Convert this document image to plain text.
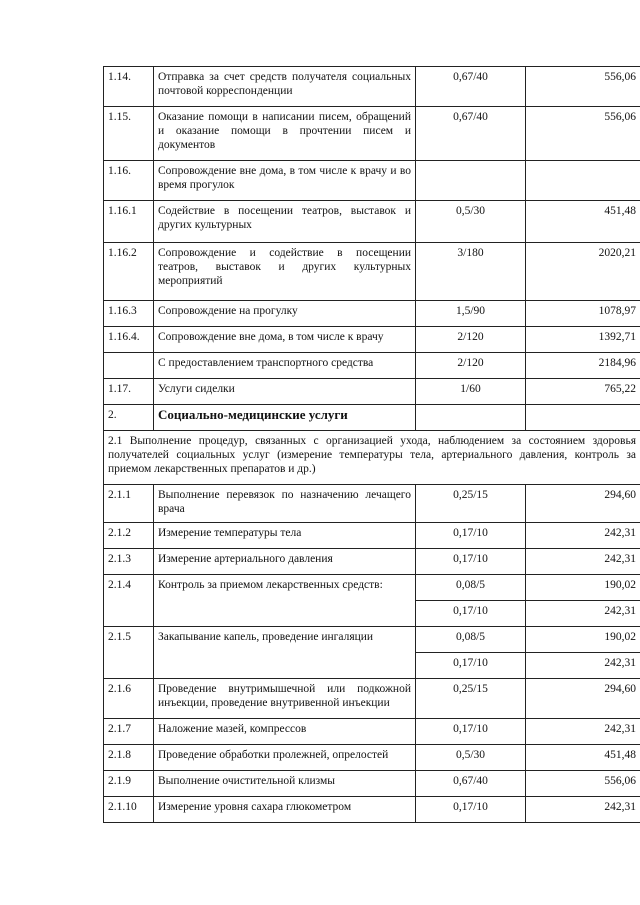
1.14.	Отправка за счет средств получателя социальных почтовой корреспонденции	0,67/40	556,06
1.15.	Оказание помощи в написании писем, обращений и оказание помощи в прочтении писем и документов	0,67/40	556,06
1.16.	Сопровождение вне дома, в том числе к врачу и во время прогулок		
1.16.1	Содействие в посещении театров, выставок и других культурных	0,5/30	451,48
1.16.2	Сопровождение и содействие в посещении театров, выставок и других культурных мероприятий	3/180	2020,21
1.16.3	Сопровождение на прогулку	1,5/90	1078,97
1.16.4.	Сопровождение вне дома, в том числе к врачу	2/120	1392,71
	С предоставлением транспортного средства	2/120	2184,96
1.17.	Услуги сиделки	1/60	765,22
2.	Социально-медицинские услуги		
2.1 Выполнение процедур, связанных с организацией ухода, наблюдением за состоянием здоровья получателей социальных услуг (измерение температуры тела, артериального давления, контроль за приемом лекарственных препаратов и др.)			
2.1.1	Выполнение перевязок по назначению лечащего врача	0,25/15	294,60
2.1.2	Измерение температуры тела	0,17/10	242,31
2.1.3	Измерение артериального давления	0,17/10	242,31
2.1.4	Контроль за приемом лекарственных средств:	0,08/5	190,02
		0,17/10	242,31
2.1.5	Закапывание капель, проведение ингаляции	0,08/5	190,02
		0,17/10	242,31
2.1.6	Проведение внутримышечной или подкожной инъекции, проведение внутривенной инъекции	0,25/15	294,60
2.1.7	Наложение мазей, компрессов	0,17/10	242,31
2.1.8	Проведение обработки пролежней, опрелостей	0,5/30	451,48
2.1.9	Выполнение очистительной клизмы	0,67/40	556,06
2.1.10	Измерение уровня сахара глюкометром	0,17/10	242,31
